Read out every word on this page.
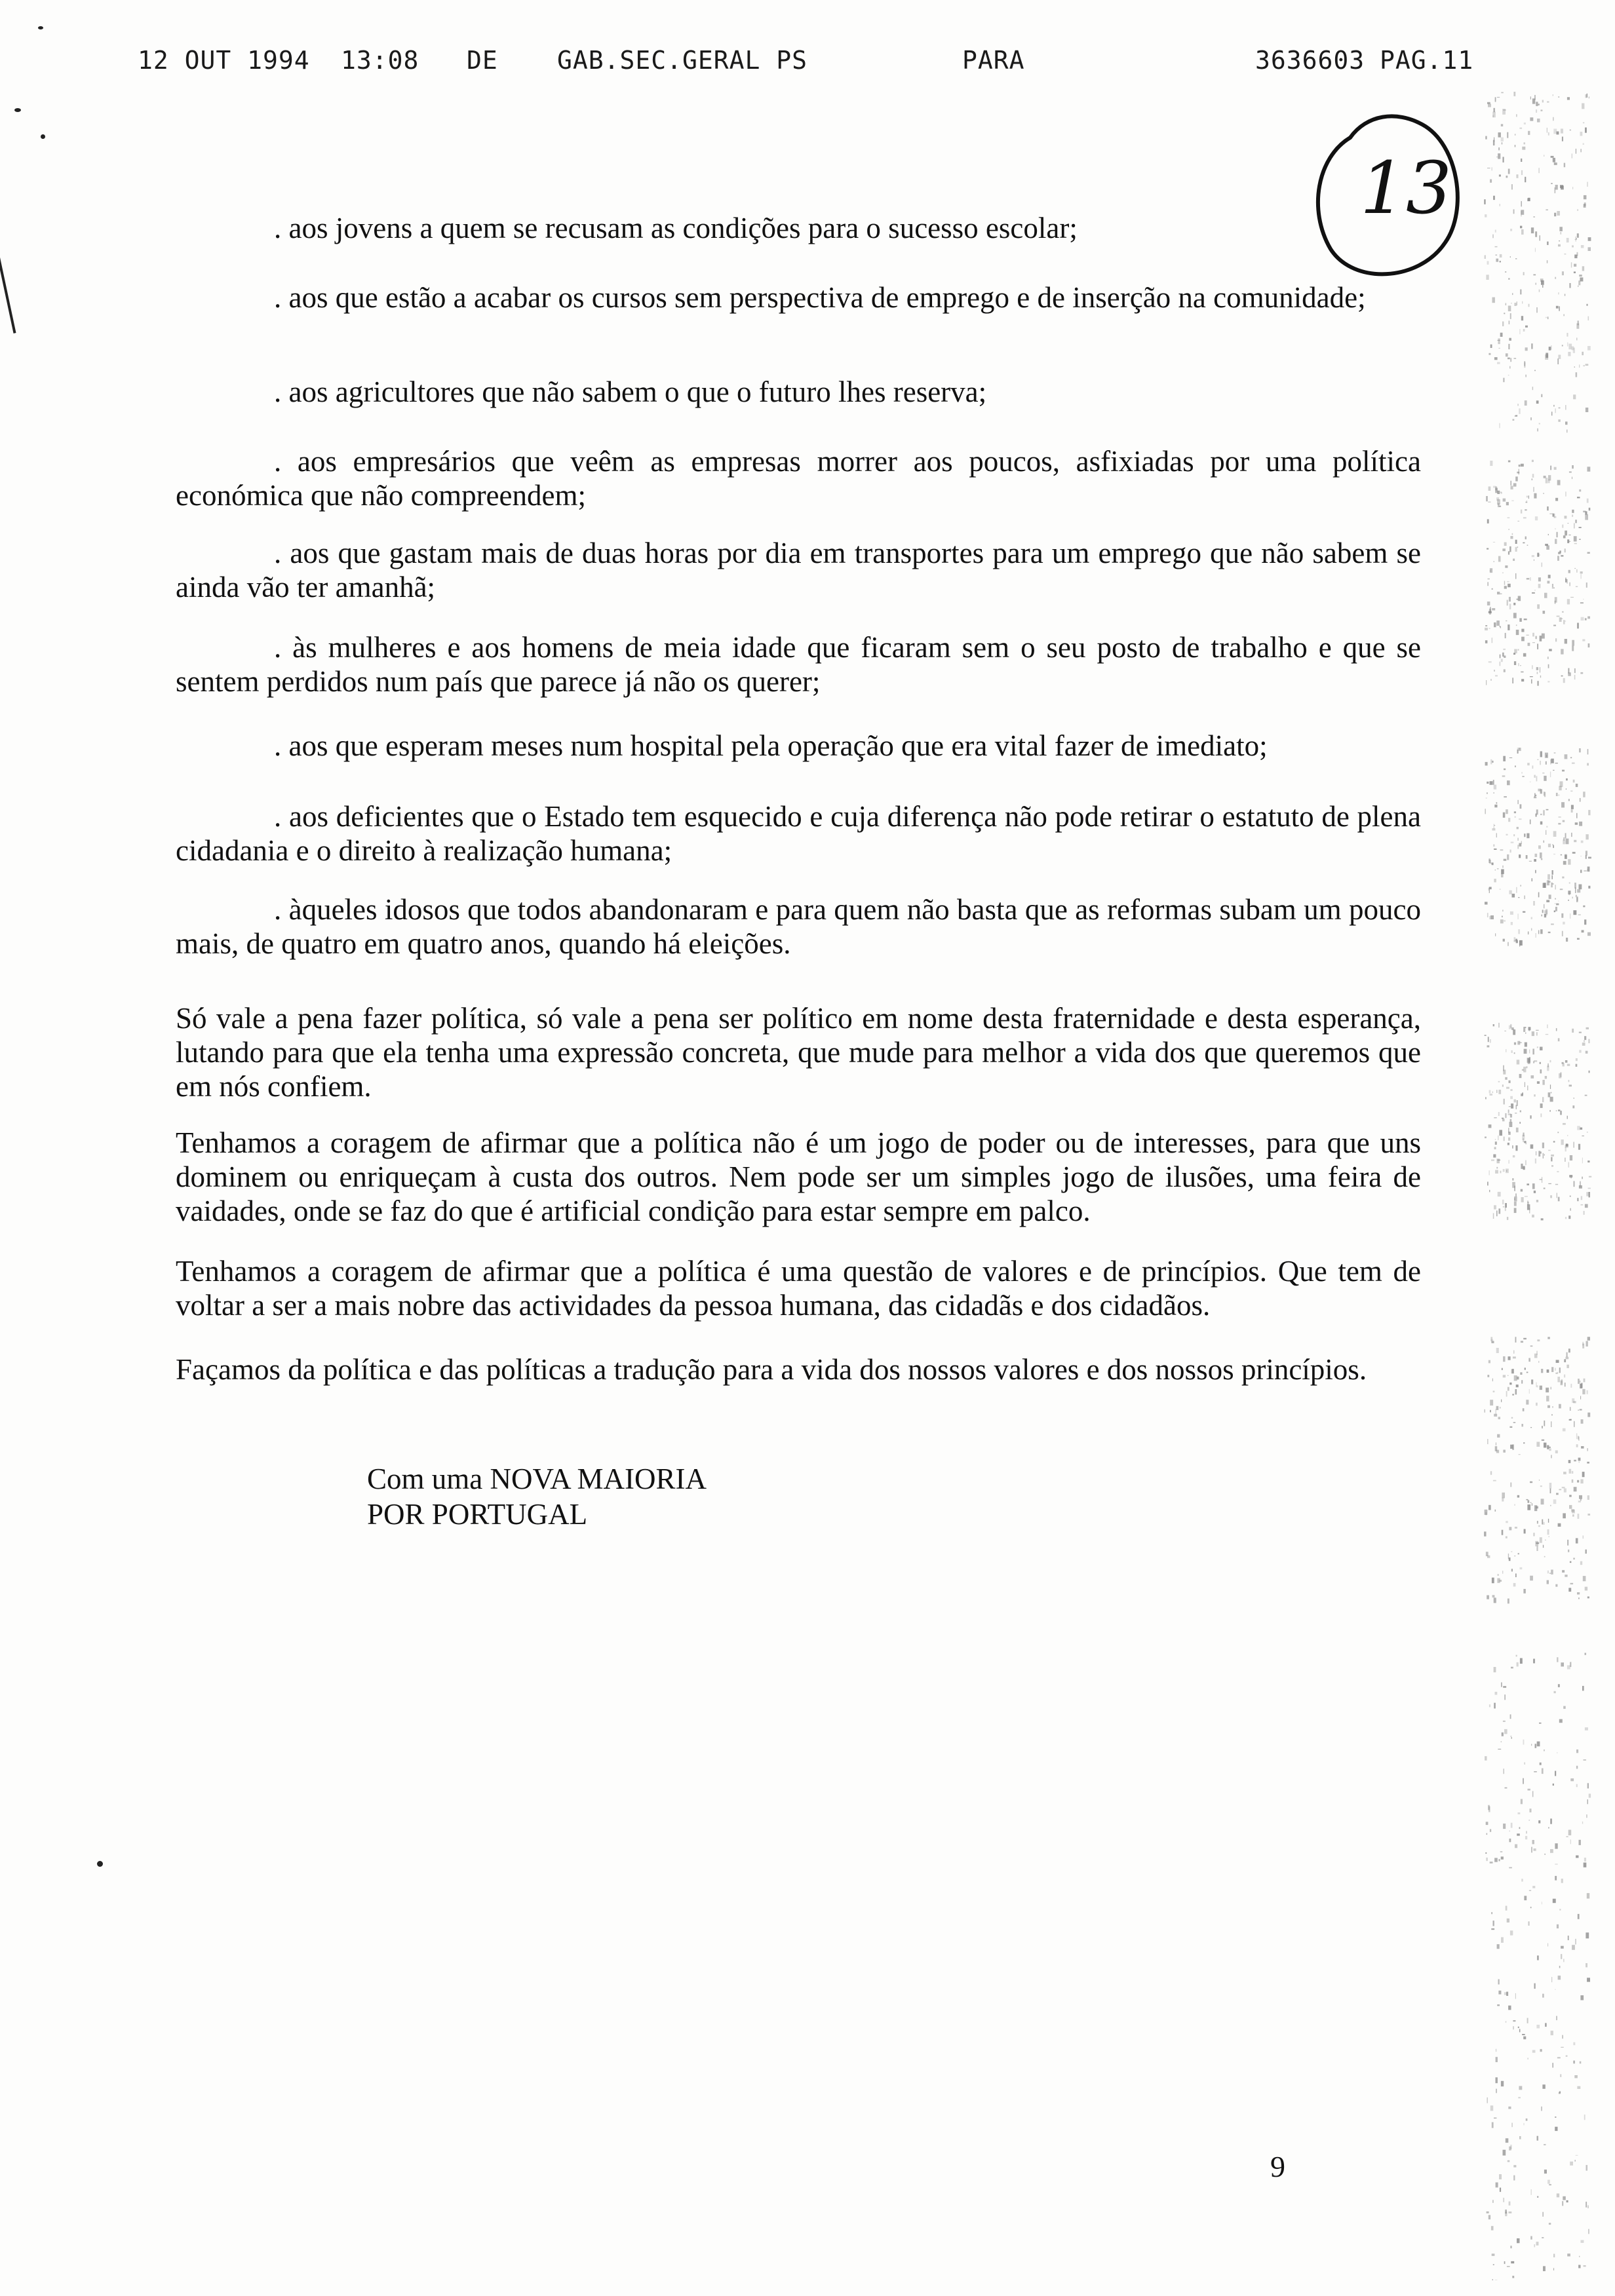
12 OUT 1994 13:08 DE GAB.SEC.GERAL PS	PARA	3636603 PAG.11
13

. aos jovens a quem se recusam as condições para o sucesso escolar;

. aos que estão a acabar os cursos sem perspectiva de emprego e de inserção na comunidade;

. aos agricultores que não sabem o que o futuro lhes reserva;

. aos empresários que veêm as empresas morrer aos poucos, asfixiadas por uma política económica que não compreendem;

. aos que gastam mais de duas horas por dia em transportes para um emprego que não sabem se ainda vão ter amanhã;

. às mulheres e aos homens de meia idade que ficaram sem o seu posto de trabalho e que se sentem perdidos num país que parece já não os querer;

. aos que esperam meses num hospital pela operação que era vital fazer de imediato;

. aos deficientes que o Estado tem esquecido e cuja diferença não pode retirar o estatuto de plena cidadania e o direito à realização humana;

. àqueles idosos que todos abandonaram e para quem não basta que as reformas subam um pouco mais, de quatro em quatro anos, quando há eleições.

Só vale a pena fazer política, só vale a pena ser político em nome desta fraternidade e desta esperança, lutando para que ela tenha uma expressão concreta, que mude para melhor a vida dos que queremos que em nós confiem.

Tenhamos a coragem de afirmar que a política não é um jogo de poder ou de interesses, para que uns dominem ou enriqueçam à custa dos outros. Nem pode ser um simples jogo de ilusões, uma feira de vaidades, onde se faz do que é artificial condição para estar sempre em palco.

Tenhamos a coragem de afirmar que a política é uma questão de valores e de princípios. Que tem de voltar a ser a mais nobre das actividades da pessoa humana, das cidadãs e dos cidadãos.

Façamos da política e das políticas a tradução para a vida dos nossos valores e dos nossos princípios.

Com uma NOVA MAIORIA
POR PORTUGAL
9
